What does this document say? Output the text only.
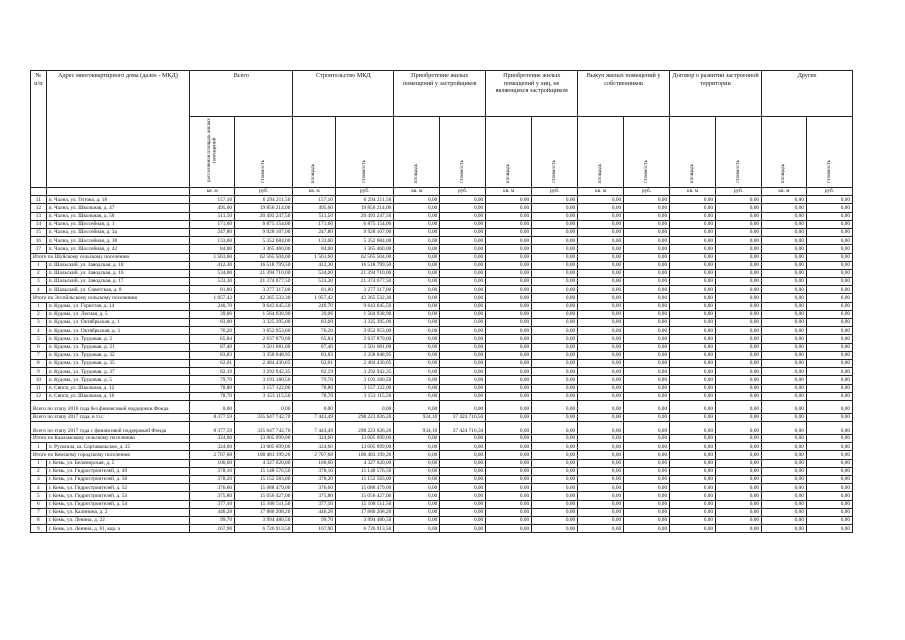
№ п/п	Адрес многоквартирного дома (далее - МКД)	Всего		Строительство МКД		Приобретение жилых помещений у застройщиков		Приобретение жилых помещений у лиц, не являющихся застройщиком		Выкуп жилых помещений у собственников		Договор о развитии застроенной территории		Другие	

		расселяемая площадь жилых помещений	стоимость	площадь	стоимость	площадь	стоимость	площадь	стоимость	площадь	стоимость	площадь	стоимость	площадь	стоимость

		кв. м	руб.	кв. м	руб.	кв. м	руб.	кв. м	руб.	кв. м	руб.	кв. м	руб.	кв. м	руб.
11	п. Чална, ул. Титова, д. 18	157,10	6 294 211,50	157,10	6 294 211,50	0,00	0,00	0,00	0,00	0,00	0,00	0,00	0,00	0,00	0,00
12	п. Чална, ул. Школьная, д. 47	495,60	19 856 214,00	495,60	19 856 214,00	0,00	0,00	0,00	0,00	0,00	0,00	0,00	0,00	0,00	0,00
13	п. Чална, ул. Школьная, д. 50	511,50	20 493 247,50	511,50	20 493 247,50	0,00	0,00	0,00	0,00	0,00	0,00	0,00	0,00	0,00	0,00
14	п. Чална, ул. Шоссейная, д. 1	171,60	6 875 154,00	171,60	6 875 154,00	0,00	0,00	0,00	0,00	0,00	0,00	0,00	0,00	0,00	0,00
15	п. Чална, ул. Шоссейная, д. 3а	247,80	9 928 107,00	247,80	9 928 107,00	0,00	0,00	0,00	0,00	0,00	0,00	0,00	0,00	0,00	0,00
16	п. Чална, ул. Шоссейная, д. 38	133,60	5 352 684,00	133,60	5 352 684,00	0,00	0,00	0,00	0,00	0,00	0,00	0,00	0,00	0,00	0,00
17	п. Чална, ул. Шоссейная, д. 42	84,00	3 365 460,00	84,00	3 365 460,00	0,00	0,00	0,00	0,00	0,00	0,00	0,00	0,00	0,00	0,00
Итого по Шуйскому сельскому поселению		1 561,60	62 565 504,00	1 561,60	62 565 504,00	0,00	0,00	0,00	0,00	0,00	0,00	0,00	0,00	0,00	0,00
1	п. Шальский, ул. Заводская, д. 10	412,30	16 518 799,50	412,30	16 518 799,50	0,00	0,00	0,00	0,00	0,00	0,00	0,00	0,00	0,00	0,00
2	п. Шальский, ул. Заводская, д. 16	534,00	21 394 710,00	534,00	21 394 710,00	0,00	0,00	0,00	0,00	0,00	0,00	0,00	0,00	0,00	0,00
3	п. Шальский, ул. Заводская, д. 17	533,30	21 374 677,50	533,30	21 374 677,50	0,00	0,00	0,00	0,00	0,00	0,00	0,00	0,00	0,00	0,00
4	п. Шальский, ул. Советская, д. 8	81,80	3 277 317,00	81,80	3 277 317,00	0,00	0,00	0,00	0,00	0,00	0,00	0,00	0,00	0,00	0,00
Итого по Эссойльскому сельскому поселению		1 057,42	42 365 532,30	1 057,42	42 365 532,30	0,00	0,00	0,00	0,00	0,00	0,00	0,00	0,00	0,00	0,00
1	п. Кудома, ул. Гористая, д. 14	240,70	9 643 645,50	240,70	9 643 645,50	0,00	0,00	0,00	0,00	0,00	0,00	0,00	0,00	0,00	0,00
2	п. Кудома, ул. Лесная, д. 5	39,06	1 564 938,90	39,06	1 564 938,90	0,00	0,00	0,00	0,00	0,00	0,00	0,00	0,00	0,00	0,00
3	п. Кудома, ул. Октябрьская, д. 1	83,00	3 325 395,00	83,00	3 325 395,00	0,00	0,00	0,00	0,00	0,00	0,00	0,00	0,00	0,00	0,00
4	п. Кудома, ул. Октябрьская, д. 3	76,20	3 052 953,00	76,20	3 052 953,00	0,00	0,00	0,00	0,00	0,00	0,00	0,00	0,00	0,00	0,00
5	п. Кудома, ул. Трудовая, д. 2	65,84	2 637 879,60	65,84	2 637 879,60	0,00	0,00	0,00	0,00	0,00	0,00	0,00	0,00	0,00	0,00
6	п. Кудома, ул. Трудовая, д. 21	87,40	3 501 681,00	87,40	3 501 681,00	0,00	0,00	0,00	0,00	0,00	0,00	0,00	0,00	0,00	0,00
7	п. Кудома, ул. Трудовая, д. 32	83,83	3 358 648,95	83,83	3 358 648,95	0,00	0,00	0,00	0,00	0,00	0,00	0,00	0,00	0,00	0,00
8	п. Кудома, ул. Трудовая, д. 35	62,01	2 484 430,65	62,01	2 484 430,65	0,00	0,00	0,00	0,00	0,00	0,00	0,00	0,00	0,00	0,00
9	п. Кудома, ул. Трудовая, д. 37	82,19	3 292 942,35	82,19	3 292 942,35	0,00	0,00	0,00	0,00	0,00	0,00	0,00	0,00	0,00	0,00
10	п. Кудома, ул. Трудовая, д. 5	79,70	3 193 180,50	79,70	3 193 180,50	0,00	0,00	0,00	0,00	0,00	0,00	0,00	0,00	0,00	0,00
11	п. Сяпся, ул. Школьная, д. 12	78,80	3 157 122,00	78,80	3 157 122,00	0,00	0,00	0,00	0,00	0,00	0,00	0,00	0,00	0,00	0,00
12	п. Сяпся, ул. Школьная, д. 16	78,70	3 153 115,50	78,70	3 153 115,50	0,00	0,00	0,00	0,00	0,00	0,00	0,00	0,00	0,00	0,00
Всего по этапу 2016 года без финансовой поддержки Фонда		0,00	0,00	0,00	0,00	0,00	0,00	0,00	0,00	0,00	0,00	0,00	0,00	0,00	0,00
Всего по этапу 2017 года, в т.ч.:		8 377,59	335 647 742,70	7 443,49	298 223 026,20	934,10	37 424 716,50	0,00	0,00	0,00	0,00	0,00	0,00	0,00	0,00
Всего по этапу 2017 года с финансовой поддержкой Фонда		8 377,59	335 647 742,70	7 443,49	298 223 026,20	934,10	37 424 716,50	0,00	0,00	0,00	0,00	0,00	0,00	0,00	0,00
Итого по Кааламскому сельскому поселению		324,60	13 005 099,00	324,60	13 005 099,00	0,00	0,00	0,00	0,00	0,00	0,00	0,00	0,00	0,00	0,00
1	п. Рускеала, ш. Сортавальское, д. 25	324,60	13 005 099,00	324,60	13 005 099,00	0,00	0,00	0,00	0,00	0,00	0,00	0,00	0,00	0,00	0,00
Итого по Кемскому городскому поселению		2 707,68	108 483 199,20	2 707,68	108 483 199,20	0,00	0,00	0,00	0,00	0,00	0,00	0,00	0,00	0,00	0,00
1	г. Кемь, ул. Беломорская, д. 5	106,60	4 327 020,00	106,60	4 327 020,00	0,00	0,00	0,00	0,00	0,00	0,00	0,00	0,00	0,00	0,00
2	г. Кемь, ул. Гидростроителей, д. 49	378,10	15 148 576,50	378,10	15 148 576,50	0,00	0,00	0,00	0,00	0,00	0,00	0,00	0,00	0,00	0,00
3	г. Кемь, ул. Гидростроителей, д. 50	378,20	15 152 583,00	378,20	15 152 583,00	0,00	0,00	0,00	0,00	0,00	0,00	0,00	0,00	0,00	0,00
4	г. Кемь, ул. Гидростроителей, д. 52	376,60	15 088 479,00	376,60	15 088 479,00	0,00	0,00	0,00	0,00	0,00	0,00	0,00	0,00	0,00	0,00
5	г. Кемь, ул. Гидростроителей, д. 53	375,80	15 056 427,00	375,80	15 056 427,00	0,00	0,00	0,00	0,00	0,00	0,00	0,00	0,00	0,00	0,00
6	г. Кемь, ул. Гидростроителей, д. 54	377,10	15 108 511,50	377,10	15 108 511,50	0,00	0,00	0,00	0,00	0,00	0,00	0,00	0,00	0,00	0,00
7	г. Кемь, ул. Калинина, д. 2	446,28	17 880 208,20	446,28	17 880 208,20	0,00	0,00	0,00	0,00	0,00	0,00	0,00	0,00	0,00	0,00
8	г. Кемь, ул. Ленина, д. 22	99,70	3 994 480,50	99,70	3 994 480,50	0,00	0,00	0,00	0,00	0,00	0,00	0,00	0,00	0,00	0,00
9	г. Кемь, ул. Ленина, д. 61, кор. а	167,90	6 726 913,50	167,90	6 726 913,50	0,00	0,00	0,00	0,00	0,00	0,00	0,00	0,00	0,00	0,00
